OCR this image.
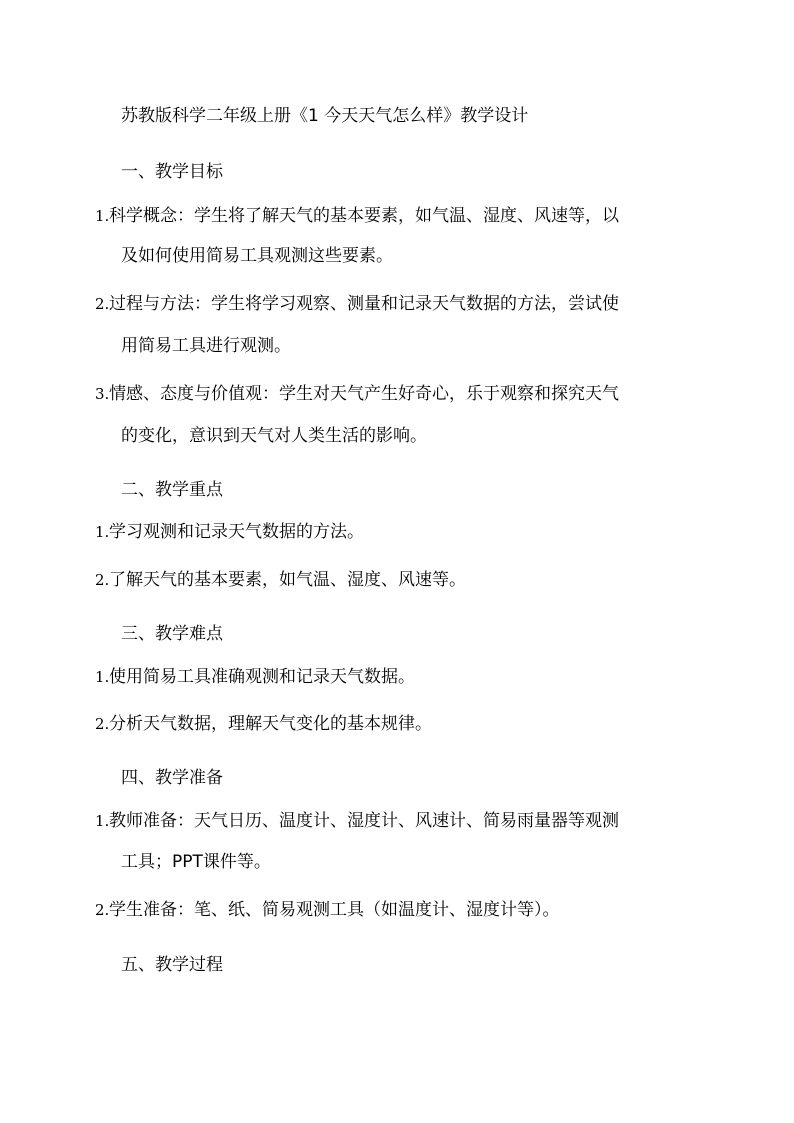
苏教版科学二年级上册《1 今天天气怎么样》教学设计
一、教学目标
1.科学概念：学生将了解天气的基本要素，如气温、湿度、风速等，以
及如何使用简易工具观测这些要素。
2.过程与方法：学生将学习观察、测量和记录天气数据的方法，尝试使
用简易工具进行观测。
3.情感、态度与价值观：学生对天气产生好奇心，乐于观察和探究天气
的变化，意识到天气对人类生活的影响。
二、教学重点
1.学习观测和记录天气数据的方法。
2.了解天气的基本要素，如气温、湿度、风速等。
三、教学难点
1.使用简易工具准确观测和记录天气数据。
2.分析天气数据，理解天气变化的基本规律。
四、教学准备
1.教师准备：天气日历、温度计、湿度计、风速计、简易雨量器等观测
工具；PPT课件等。
2.学生准备：笔、纸、简易观测工具（如温度计、湿度计等）。
五、教学过程
